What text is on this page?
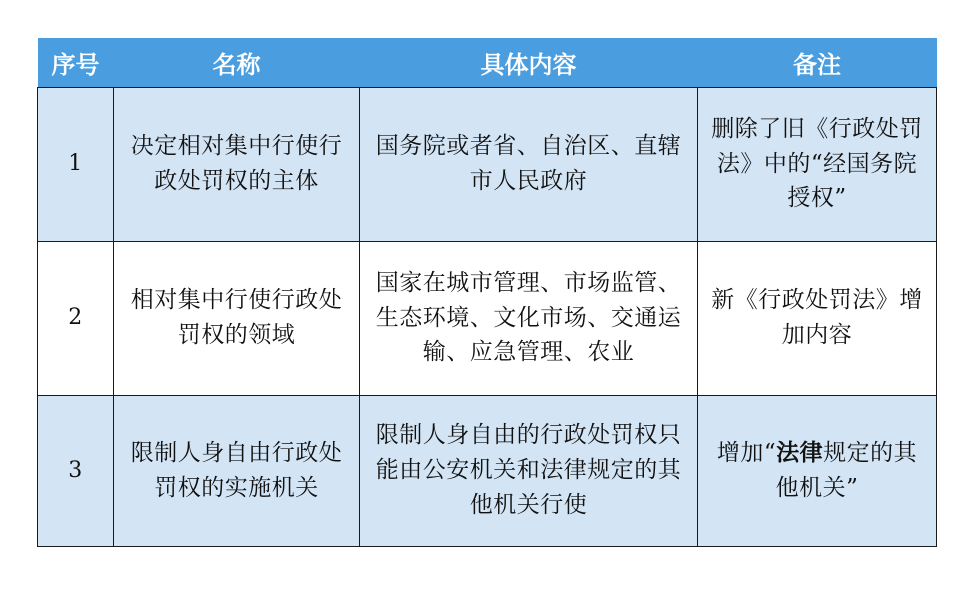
序号	名称	具体内容	备注
1	决定相对集中行使行政处罚权的主体	国务院或者省、自治区、直辖市人民政府	删除了旧《行政处罚法》中的“经国务院授权”
2	相对集中行使行政处罚权的领域	国家在城市管理、市场监管、生态环境、文化市场、交通运输、应急管理、农业	新《行政处罚法》增加内容
3	限制人身自由行政处罚权的实施机关	限制人身自由的行政处罚权只能由公安机关和法律规定的其他机关行使	增加“法律规定的其他机关”
